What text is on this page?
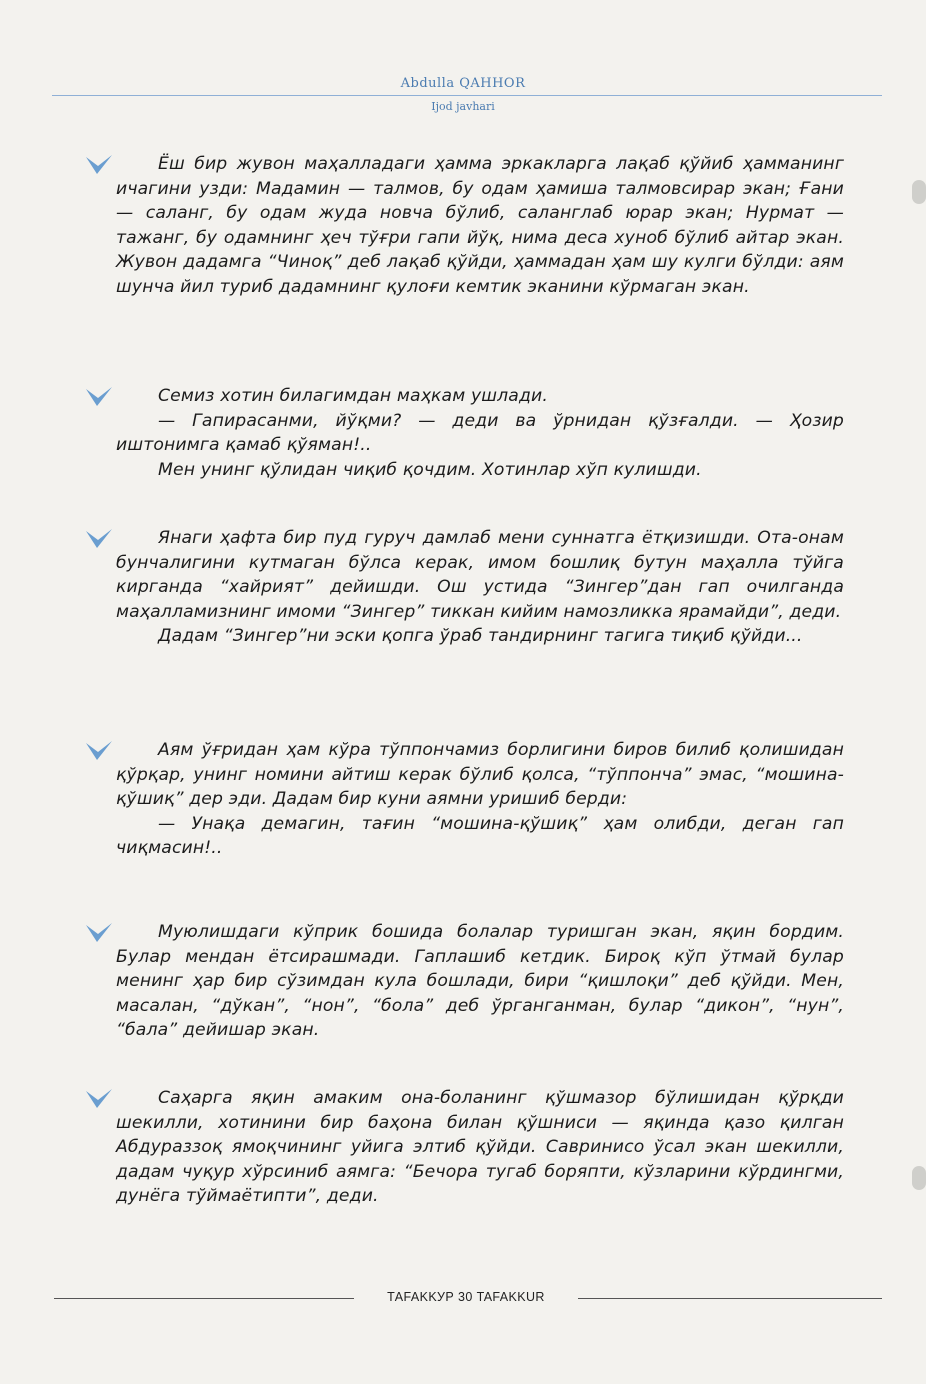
Abdulla QAHHOR
Ijod javhari

Ёш бир жувон маҳалладаги ҳамма эркакларга лақаб қўйиб ҳамманинг ичагини узди: Мадамин — талмов, бу одам ҳамиша талмовсирар экан; Ғани — саланг, бу одам жуда новча бўлиб, саланглаб юрар экан; Нурмат — тажанг, бу одамнинг ҳеч тўғри гапи йўқ, нима деса хуноб бўлиб айтар экан. Жувон дадамга “Чиноқ” деб лақаб қўйди, ҳаммадан ҳам шу кулги бўлди: аям шунча йил туриб дадамнинг қулоғи кемтик эканини кўрмаган экан.

Семиз хотин билагимдан маҳкам ушлади.

— Гапирасанми, йўқми? — деди ва ўрнидан қўзғалди. — Ҳозир иштонимга қамаб қўяман!..

Мен унинг қўлидан чиқиб қочдим. Хотинлар хўп кулишди.

Янаги ҳафта бир пуд гуруч дамлаб мени суннатга ётқизишди. Ота-онам бунчалигини кутмаган бўлса керак, имом бошлиқ бутун маҳалла тўйга кирганда “хайрият” дейишди. Ош устида “Зингер”дан гап очилганда маҳалламизнинг имоми “Зингер” тиккан кийим намозликка ярамайди”, деди.

Дадам “Зингер”ни эски қопга ўраб тандирнинг тагига тиқиб қўйди...

Аям ўғридан ҳам кўра тўппончамиз борлигини биров билиб қолишидан қўрқар, унинг номини айтиш керак бўлиб қолса, “тўппонча” эмас, “мошина-қўшиқ” дер эди. Дадам бир куни аямни уришиб берди:

— Унақа демагин, тағин “мошина-қўшиқ” ҳам олибди, деган гап чиқмасин!..

Муюлишдаги кўприк бошида болалар туришган экан, яқин бордим. Булар мендан ётсирашмади. Гаплашиб кетдик. Бироқ кўп ўтмай булар менинг ҳар бир сўзимдан кула бошлади, бири “қишлоқи” деб қўйди. Мен, масалан, “дўкан”, “нон”, “бола” деб ўрганганман, булар “дикон”, “нун”, “бала” дейишар экан.

Саҳарга яқин амаким она-боланинг қўшмазор бўлишидан қўрқди шекилли, хотинини бир баҳона билан қўшниси — яқинда қазо қилган Абдураззоқ ямоқчининг уйига элтиб қўйди. Савринисо ўсал экан шекилли, дадам чуқур хўрсиниб аямга: “Бечора тугаб боряпти, кўзларини кўрдингми, дунёга тўймаётипти”, деди.

ТАFAKKУР 30 TAFAKKUR
